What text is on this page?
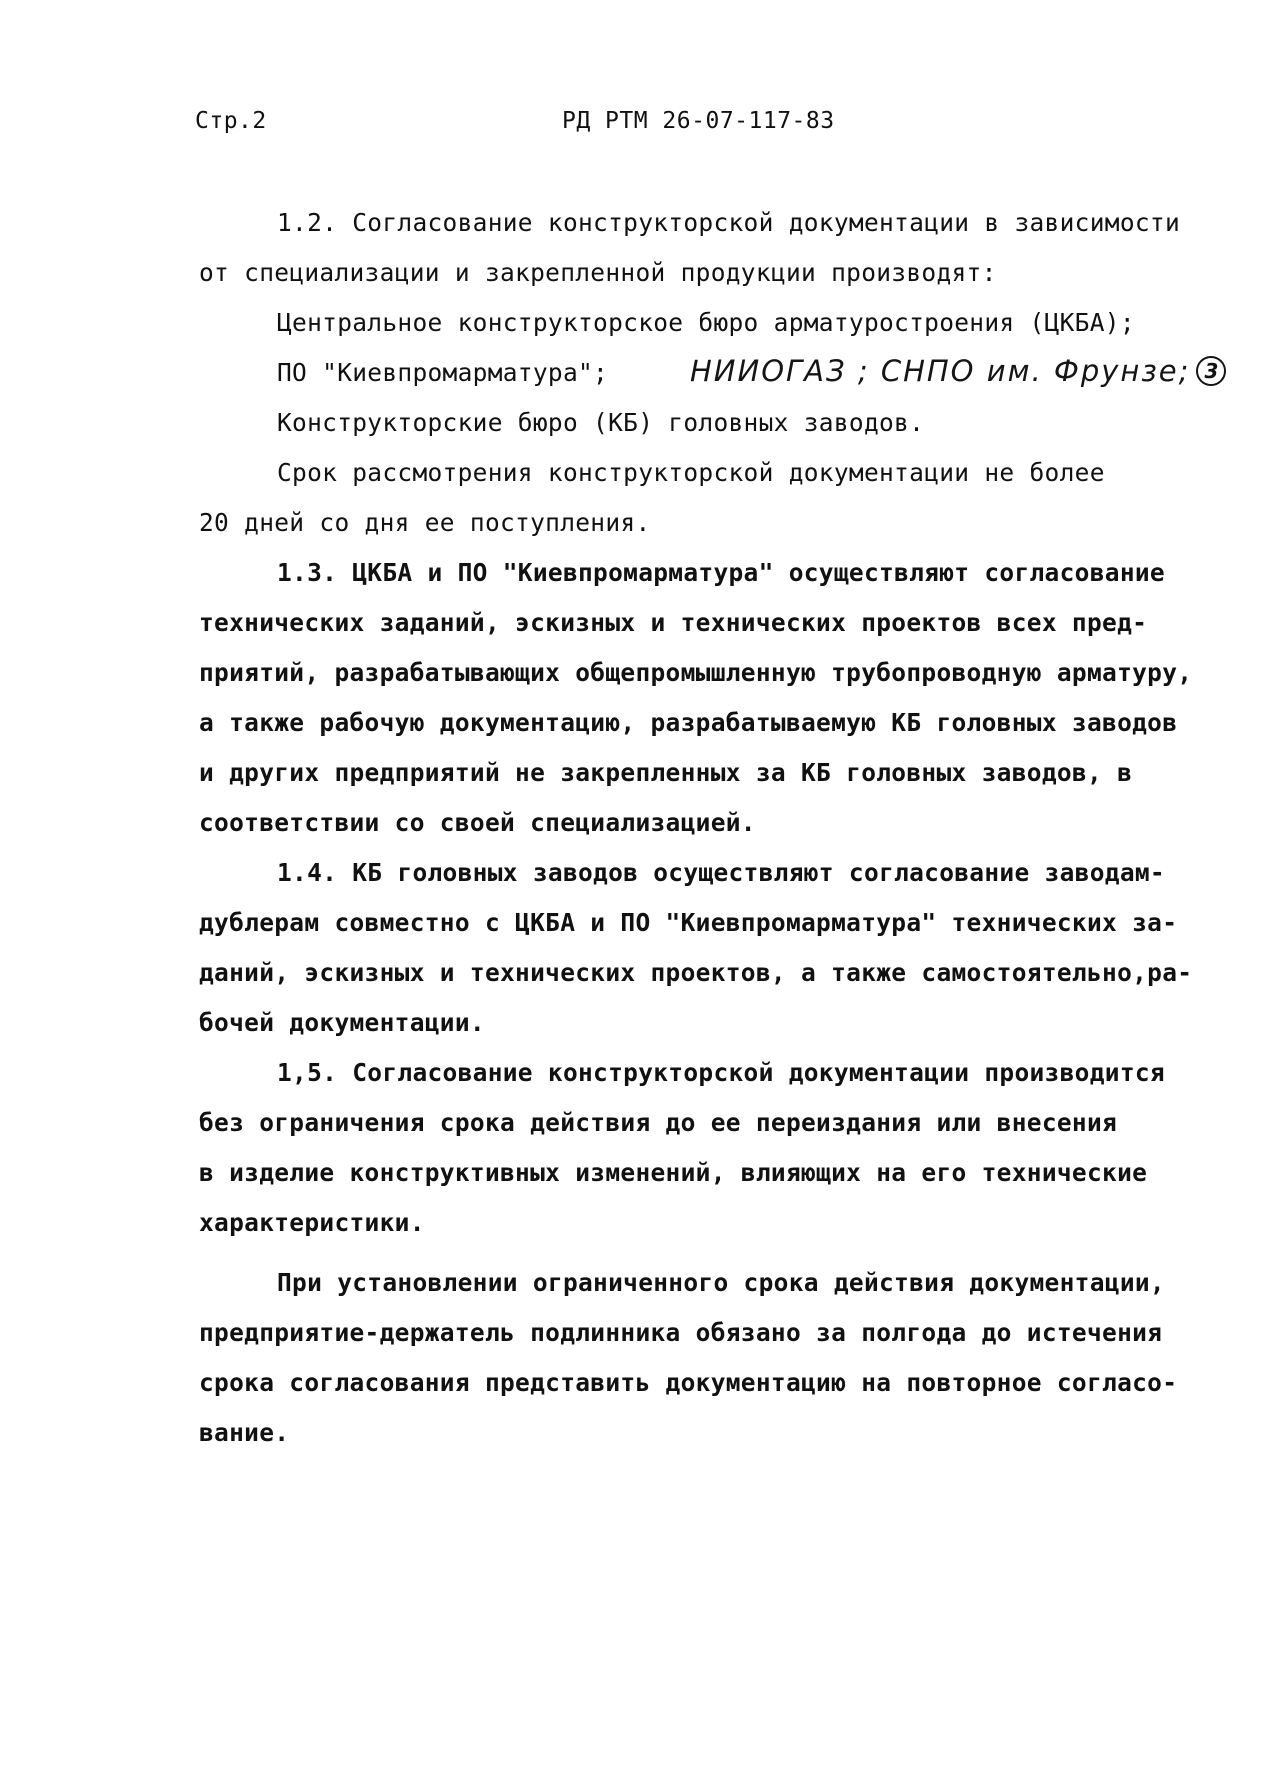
Стр.2	РД РТМ 26-07-117-83
1.2. Согласование конструкторской документации в зависимости
от специализации и закрепленной продукции производят:
Центральное конструкторское бюро арматуростроения (ЦКБА);
ПО "Киевпромарматура";	НИИОГАЗ ; СНПО им. Фрунзе; 3
Конструкторские бюро (КБ) головных заводов.
Срок рассмотрения конструкторской документации не более
20 дней со дня ее поступления.
1.3. ЦКБА и ПО "Киевпромарматура" осуществляют согласование
технических заданий, эскизных и технических проектов всех пред-
приятий, разрабатывающих общепромышленную трубопроводную арматуру,
а также рабочую документацию, разрабатываемую КБ головных заводов
и других предприятий не закрепленных за КБ головных заводов, в
соответствии со своей специализацией.
1.4. КБ головных заводов осуществляют согласование заводам-
дублерам совместно с ЦКБА и ПО "Киевпромарматура" технических за-
даний, эскизных и технических проектов, а также самостоятельно,ра-
бочей документации.
1,5. Согласование конструкторской документации производится
без ограничения срока действия до ее переиздания или внесения
в изделие конструктивных изменений, влияющих на его технические
характеристики.
При установлении ограниченного срока действия документации,
предприятие-держатель подлинника обязано за полгода до истечения
срока согласования представить документацию на повторное согласо-
вание.
